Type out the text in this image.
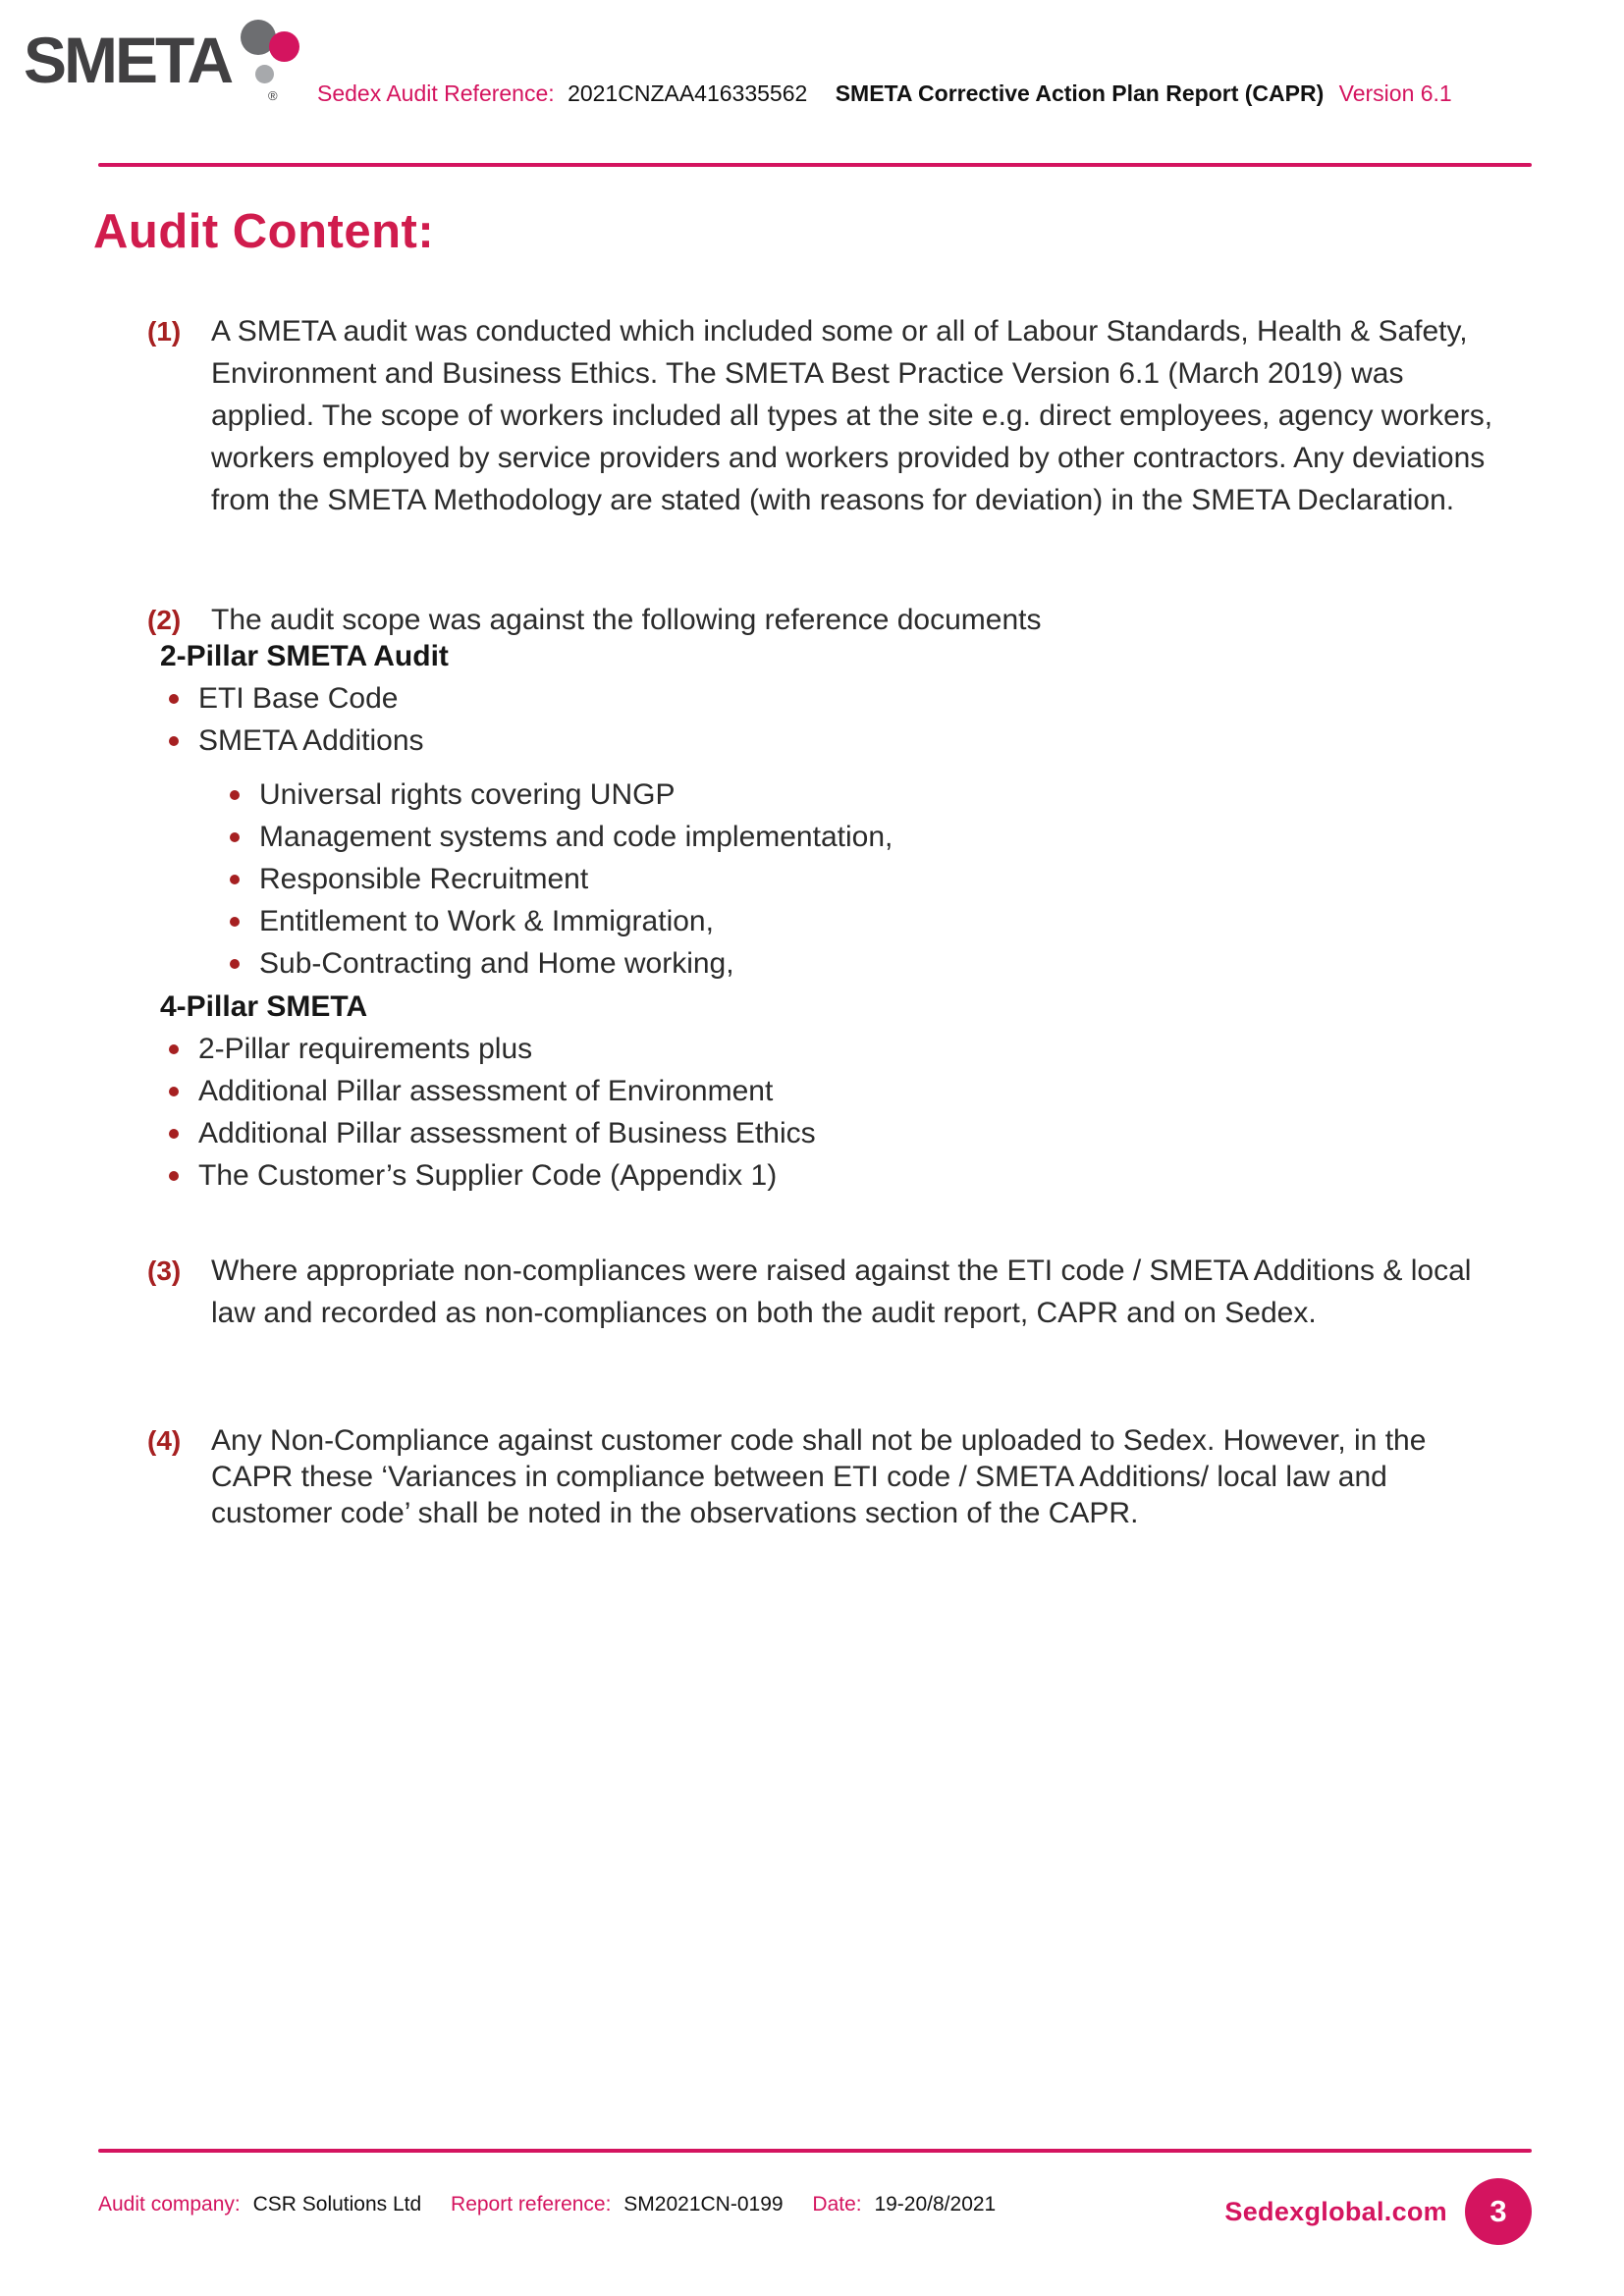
SMETA	® Sedex Audit Reference: 2021CNZAA416335562 SMETA Corrective Action Plan Report (CAPR) Version 6.1
Audit Content:
(1) A SMETA audit was conducted which included some or all of Labour Standards, Health & Safety, Environment and Business Ethics. The SMETA Best Practice Version 6.1 (March 2019) was applied. The scope of workers included all types at the site e.g. direct employees, agency workers, workers employed by service providers and workers provided by other contractors. Any deviations from the SMETA Methodology are stated (with reasons for deviation) in the SMETA Declaration.
(2) The audit scope was against the following reference documents
2-Pillar SMETA Audit
ETI Base Code
SMETA Additions
Universal rights covering UNGP
Management systems and code implementation,
Responsible Recruitment
Entitlement to Work & Immigration,
Sub-Contracting and Home working,
4-Pillar SMETA
2-Pillar requirements plus
Additional Pillar assessment of Environment
Additional Pillar assessment of Business Ethics
The Customer’s Supplier Code (Appendix 1)
(3) Where appropriate non-compliances were raised against the ETI code / SMETA Additions & local law and recorded as non-compliances on both the audit report, CAPR and on Sedex.
(4) Any Non-Compliance against customer code shall not be uploaded to Sedex. However, in the CAPR these ‘Variances in compliance between ETI code / SMETA Additions/ local law and customer code’ shall be noted in the observations section of the CAPR.
Audit company: CSR Solutions Ltd Report reference: SM2021CN-0199 Date: 19-20/8/2021	Sedexglobal.com	3
